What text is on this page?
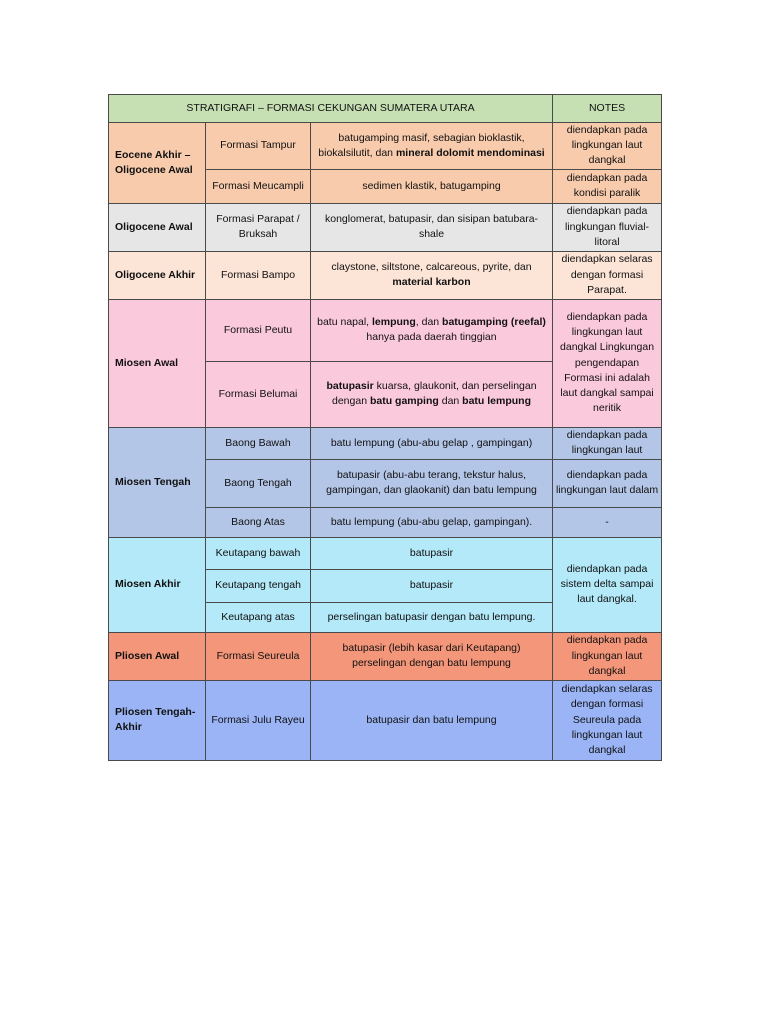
STRATIGRAFI – FORMASI CEKUNGAN SUMATERA UTARA			NOTES
Eocene Akhir – Oligocene Awal	Formasi Tampur	batugamping masif, sebagian bioklastik, biokalsilutit, dan mineral dolomit mendominasi	diendapkan pada lingkungan laut dangkal
	Formasi Meucampli	sedimen klastik, batugamping	diendapkan pada kondisi paralik
Oligocene Awal	Formasi Parapat / Bruksah	konglomerat, batupasir, dan sisipan batubara-shale	diendapkan pada lingkungan fluvial-litoral
Oligocene Akhir	Formasi Bampo	claystone, siltstone, calcareous, pyrite, dan material karbon	diendapkan selaras dengan formasi Parapat.
Miosen Awal	Formasi Peutu	batu napal, lempung, dan batugamping (reefal) hanya pada daerah tinggian	diendapkan pada lingkungan laut dangkal Lingkungan pengendapan Formasi ini adalah laut dangkal sampai neritik
	Formasi Belumai	batupasir kuarsa, glaukonit, dan perselingan dengan batu gamping dan batu lempung	
Miosen Tengah	Baong Bawah	batu lempung (abu-abu gelap , gampingan)	diendapkan pada lingkungan laut
	Baong Tengah	batupasir (abu-abu terang, tekstur halus, gampingan, dan glaokanit) dan batu lempung	diendapkan pada lingkungan laut dalam
	Baong Atas	batu lempung (abu-abu gelap, gampingan).	-
Miosen Akhir	Keutapang bawah	batupasir	diendapkan pada sistem delta sampai laut dangkal.
	Keutapang tengah	batupasir	
	Keutapang atas	perselingan batupasir dengan batu lempung.	
Pliosen Awal	Formasi Seureula	batupasir (lebih kasar dari Keutapang) perselingan dengan batu lempung	diendapkan pada lingkungan laut dangkal
Pliosen Tengah-Akhir	Formasi Julu Rayeu	batupasir dan batu lempung	diendapkan selaras dengan formasi Seureula pada lingkungan laut dangkal
